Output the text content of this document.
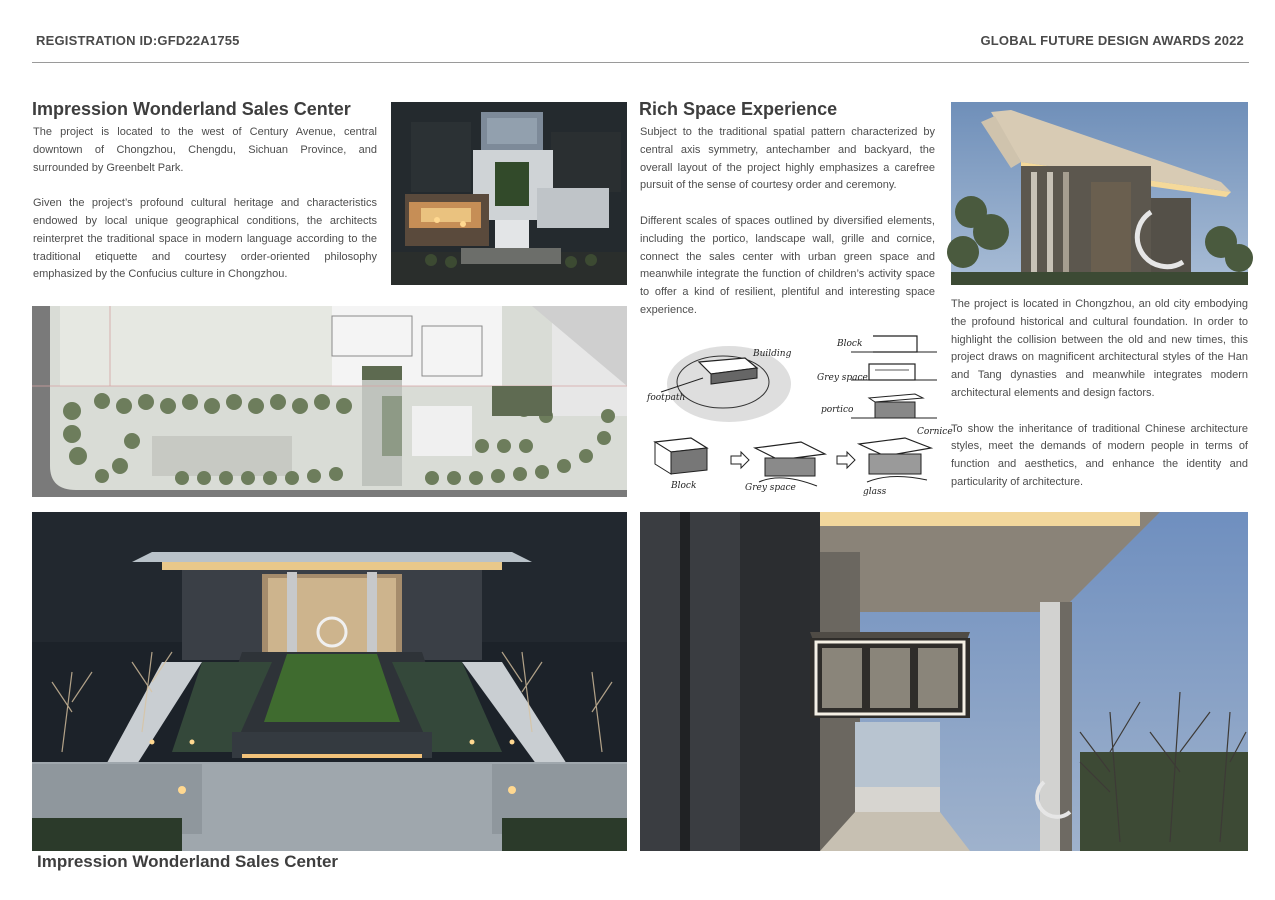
REGISTRATION ID:GFD22A1755	GLOBAL FUTURE DESIGN AWARDS 2022
Impression Wonderland Sales Center

The project is located to the west of Century Avenue, central downtown of Chongzhou, Chengdu, Sichuan Province, and surrounded by Greenbelt Park.

Given the project’s profound cultural heritage and characteristics endowed by local unique geographical conditions, the architects reinterpret the traditional space in modern language according to the traditional etiquette and courtesy order-oriented philosophy emphasized by the Confucius culture in Chongzhou.

Rich Space Experience

Subject to the traditional spatial pattern characterized by central axis symmetry, antechamber and backyard, the overall layout of the project highly emphasizes a carefree pursuit of the sense of courtesy order and ceremony.

Different scales of spaces outlined by diversified elements, including the portico, landscape wall, grille and cornice, connect the sales center with urban green space and meanwhile integrate the function of children’s activity space to offer a kind of resilient, plentiful and interesting space experience.

Building
footpath
Block
Grey space
portico
Block	Grey space
Cornice
glass

The project is located in Chongzhou, an old city embodying the profound historical and cultural foundation. In order to highlight the collision between the old and new times, this project draws on magnificent architectural styles of the Han and Tang dynasties and meanwhile integrates modern architectural elements and design factors.

To show the inheritance of traditional Chinese architecture styles, meet the demands of modern people in terms of function and aesthetics, and enhance the identity and particularity of architecture.

Impression Wonderland Sales Center
